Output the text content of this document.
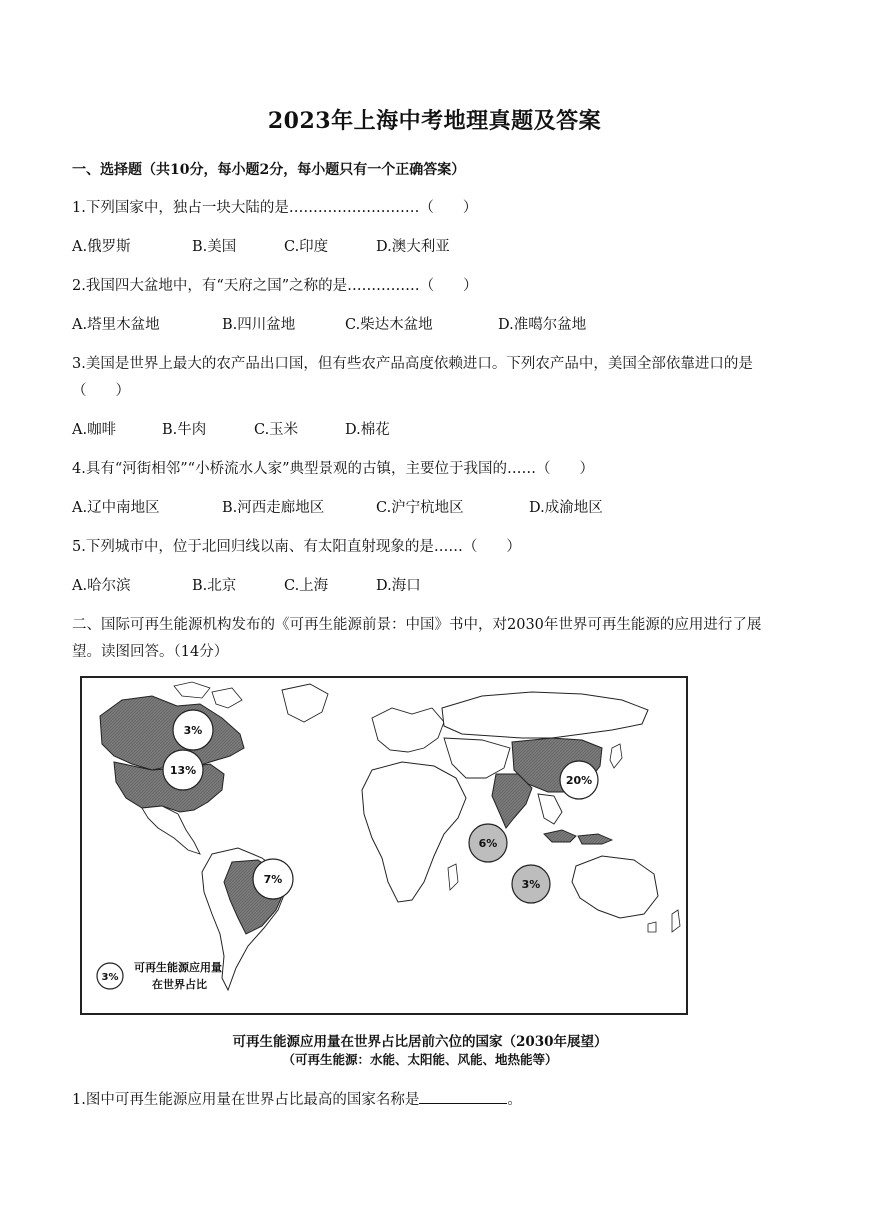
2023年上海中考地理真题及答案
一、选择题（共10分，每小题2分，每小题只有一个正确答案）
1.下列国家中，独占一块大陆的是………………………（　　）
A.俄罗斯	B.美国	C.印度	D.澳大利亚
2.我国四大盆地中，有“天府之国”之称的是……………（　　）
A.塔里木盆地	B.四川盆地	C.柴达木盆地	D.准噶尔盆地
3.美国是世界上最大的农产品出口国，但有些农产品高度依赖进口。下列农产品中，美国全部依靠进口的是
（　　）
A.咖啡	B.牛肉	C.玉米	D.棉花
4.具有“河街相邻”“小桥流水人家”典型景观的古镇，主要位于我国的……（　　）
A.辽中南地区	B.河西走廊地区	C.沪宁杭地区	D.成渝地区
5.下列城市中，位于北回归线以南、有太阳直射现象的是……（　　）
A.哈尔滨	B.北京	C.上海	D.海口
二、国际可再生能源机构发布的《可再生能源前景：中国》书中，对2030年世界可再生能源的应用进行了展
望。读图回答。（14分）
3%
13%
7%
6%
3%
20%
3%
可再生能源应用量
在世界占比
可再生能源应用量在世界占比居前六位的国家（2030年展望）
（可再生能源：水能、太阳能、风能、地热能等）
1.图中可再生能源应用量在世界占比最高的国家名称是	。
